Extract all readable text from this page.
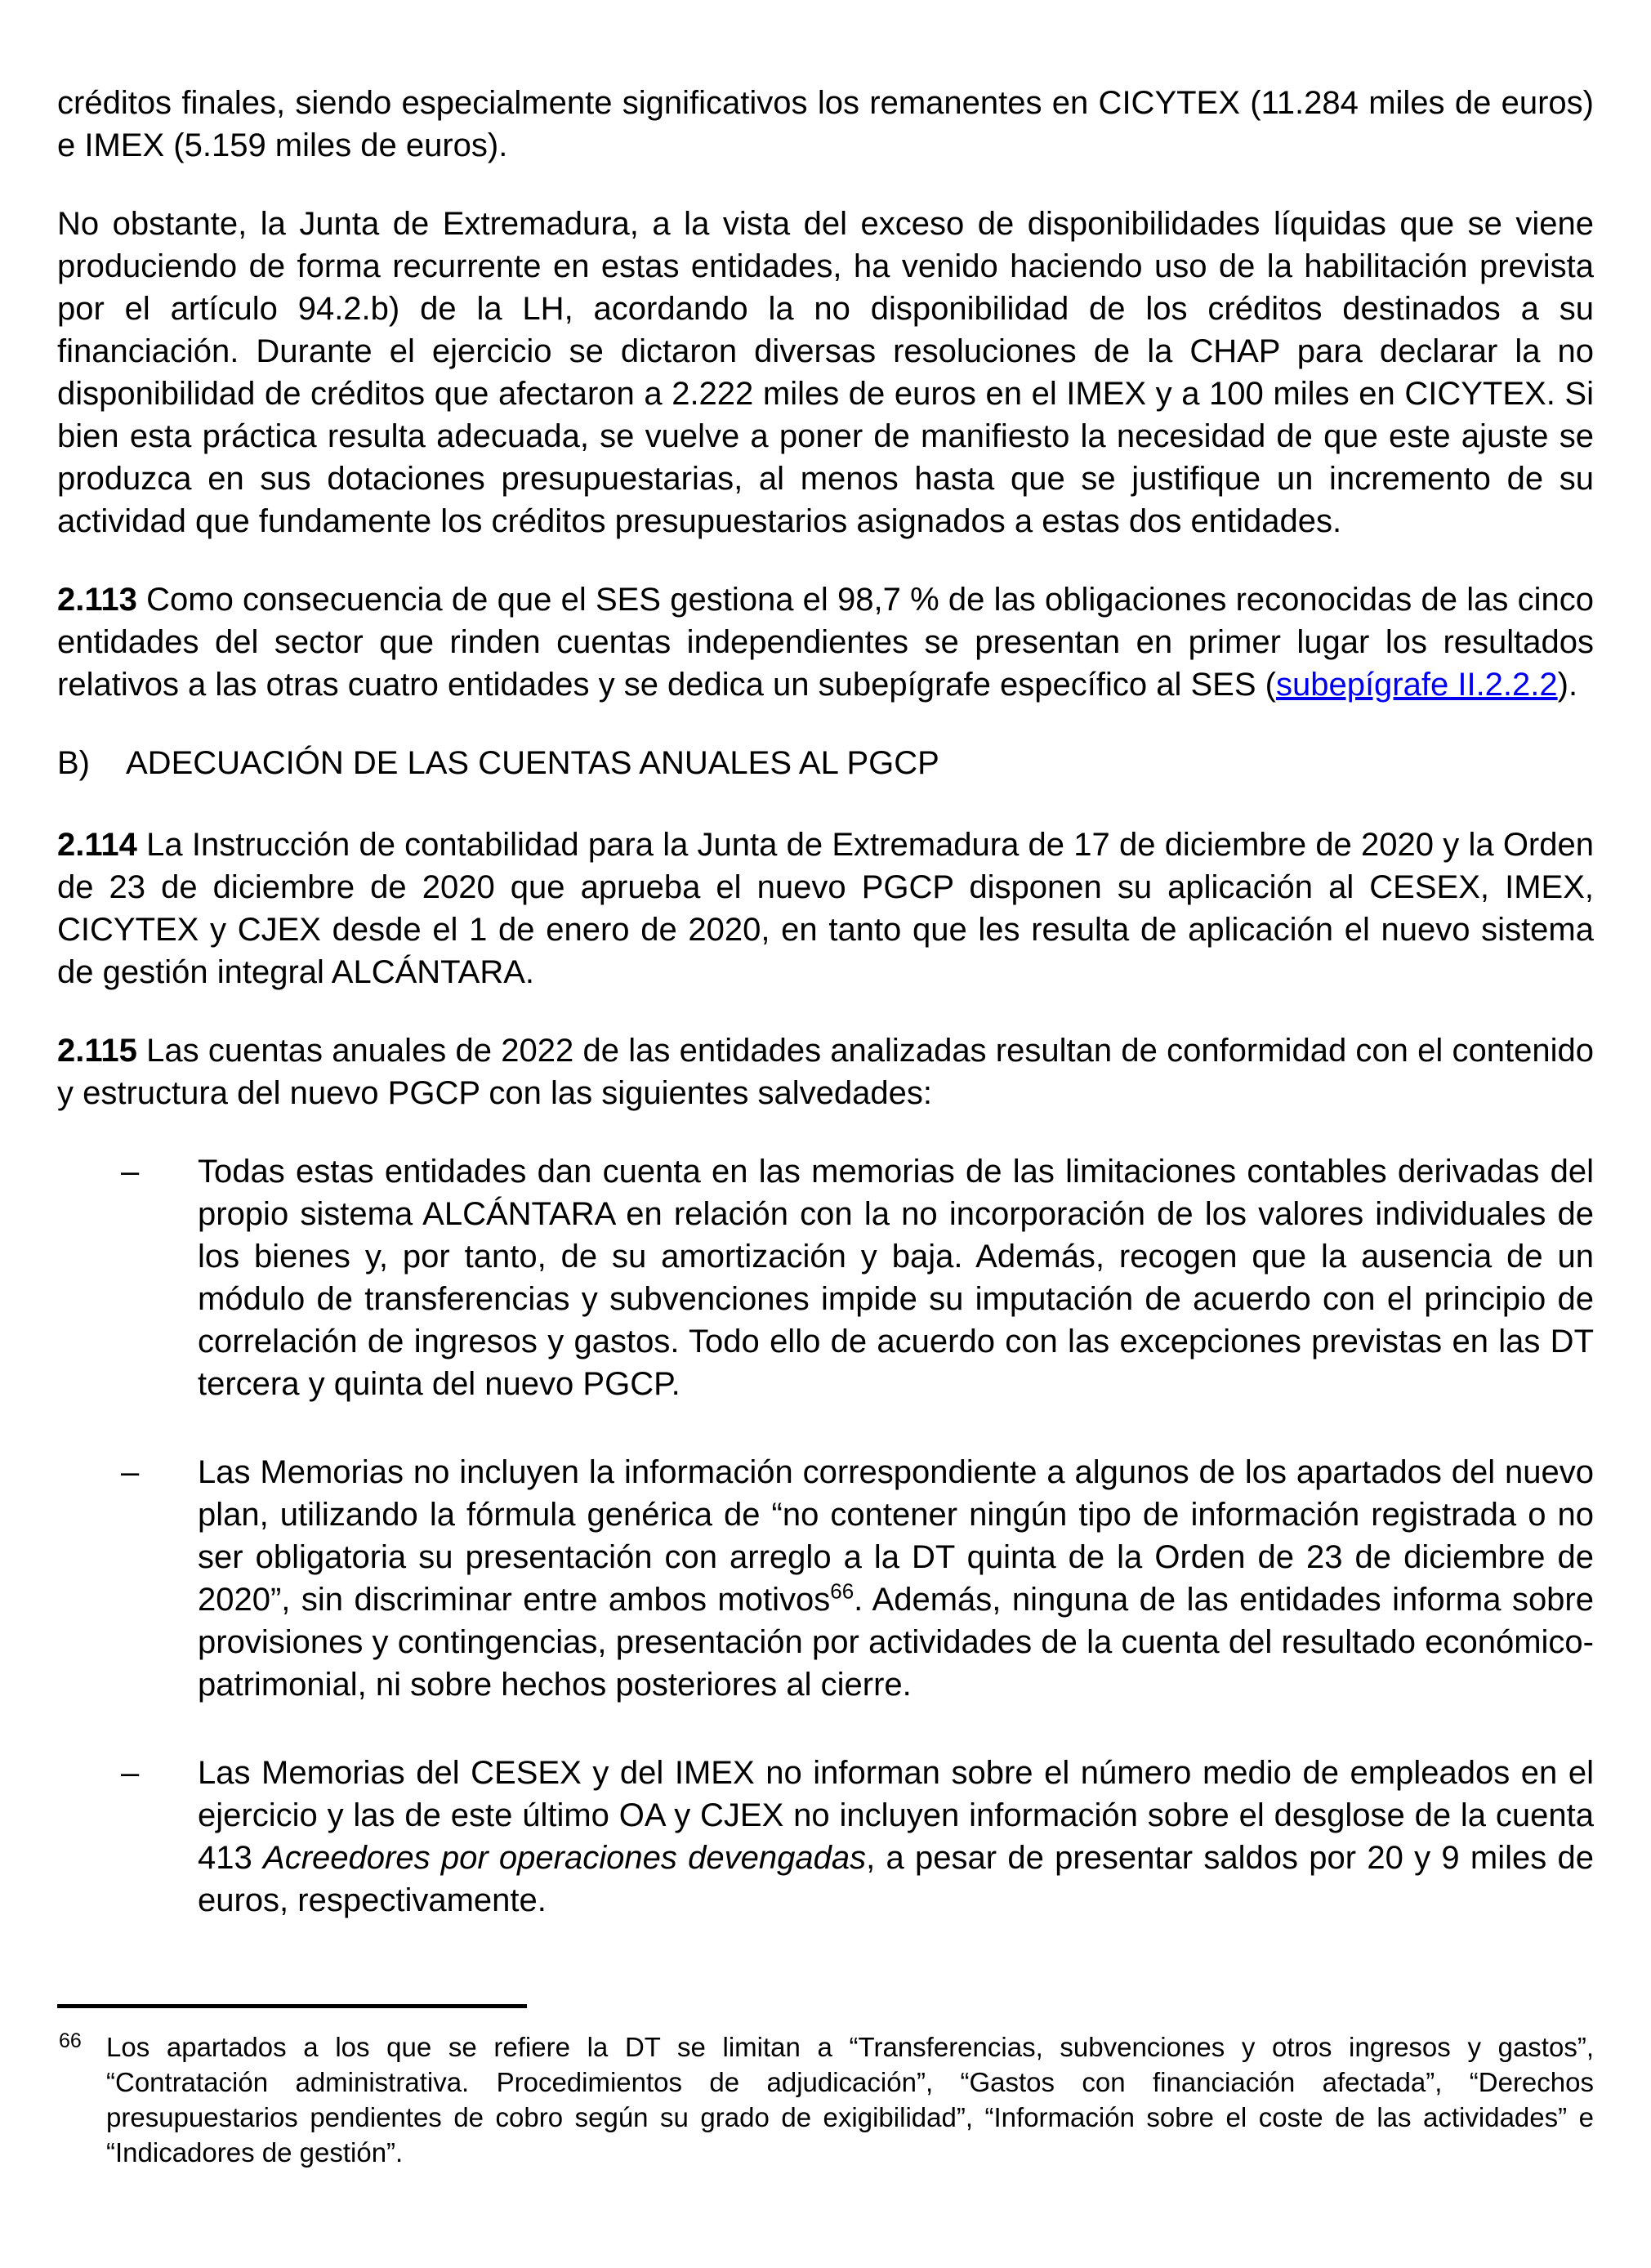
créditos finales, siendo especialmente significativos los remanentes en CICYTEX (11.284 miles de euros) e IMEX (5.159 miles de euros).
No obstante, la Junta de Extremadura, a la vista del exceso de disponibilidades líquidas que se viene produciendo de forma recurrente en estas entidades, ha venido haciendo uso de la habilitación prevista por el artículo 94.2.b) de la LH, acordando la no disponibilidad de los créditos destinados a su financiación. Durante el ejercicio se dictaron diversas resoluciones de la CHAP para declarar la no disponibilidad de créditos que afectaron a 2.222 miles de euros en el IMEX y a 100 miles en CICYTEX. Si bien esta práctica resulta adecuada, se vuelve a poner de manifiesto la necesidad de que este ajuste se produzca en sus dotaciones presupuestarias, al menos hasta que se justifique un incremento de su actividad que fundamente los créditos presupuestarios asignados a estas dos entidades.
2.113 Como consecuencia de que el SES gestiona el 98,7 % de las obligaciones reconocidas de las cinco entidades del sector que rinden cuentas independientes se presentan en primer lugar los resultados relativos a las otras cuatro entidades y se dedica un subepígrafe específico al SES (subepígrafe II.2.2.2).
B)	ADECUACIÓN DE LAS CUENTAS ANUALES AL PGCP
2.114 La Instrucción de contabilidad para la Junta de Extremadura de 17 de diciembre de 2020 y la Orden de 23 de diciembre de 2020 que aprueba el nuevo PGCP disponen su aplicación al CESEX, IMEX, CICYTEX y CJEX desde el 1 de enero de 2020, en tanto que les resulta de aplicación el nuevo sistema de gestión integral ALCÁNTARA.
2.115 Las cuentas anuales de 2022 de las entidades analizadas resultan de conformidad con el contenido y estructura del nuevo PGCP con las siguientes salvedades:
– Todas estas entidades dan cuenta en las memorias de las limitaciones contables derivadas del propio sistema ALCÁNTARA en relación con la no incorporación de los valores individuales de los bienes y, por tanto, de su amortización y baja. Además, recogen que la ausencia de un módulo de transferencias y subvenciones impide su imputación de acuerdo con el principio de correlación de ingresos y gastos. Todo ello de acuerdo con las excepciones previstas en las DT tercera y quinta del nuevo PGCP.
– Las Memorias no incluyen la información correspondiente a algunos de los apartados del nuevo plan, utilizando la fórmula genérica de “no contener ningún tipo de información registrada o no ser obligatoria su presentación con arreglo a la DT quinta de la Orden de 23 de diciembre de 2020”, sin discriminar entre ambos motivos$^{66}$. Además, ninguna de las entidades informa sobre provisiones y contingencias, presentación por actividades de la cuenta del resultado económico-patrimonial, ni sobre hechos posteriores al cierre.
– Las Memorias del CESEX y del IMEX no informan sobre el número medio de empleados en el ejercicio y las de este último OA y CJEX no incluyen información sobre el desglose de la cuenta 413 Acreedores por operaciones devengadas, a pesar de presentar saldos por 20 y 9 miles de euros, respectivamente.
66 Los apartados a los que se refiere la DT se limitan a “Transferencias, subvenciones y otros ingresos y gastos”, “Contratación administrativa. Procedimientos de adjudicación”, “Gastos con financiación afectada”, “Derechos presupuestarios pendientes de cobro según su grado de exigibilidad”, “Información sobre el coste de las actividades” e “Indicadores de gestión”.
